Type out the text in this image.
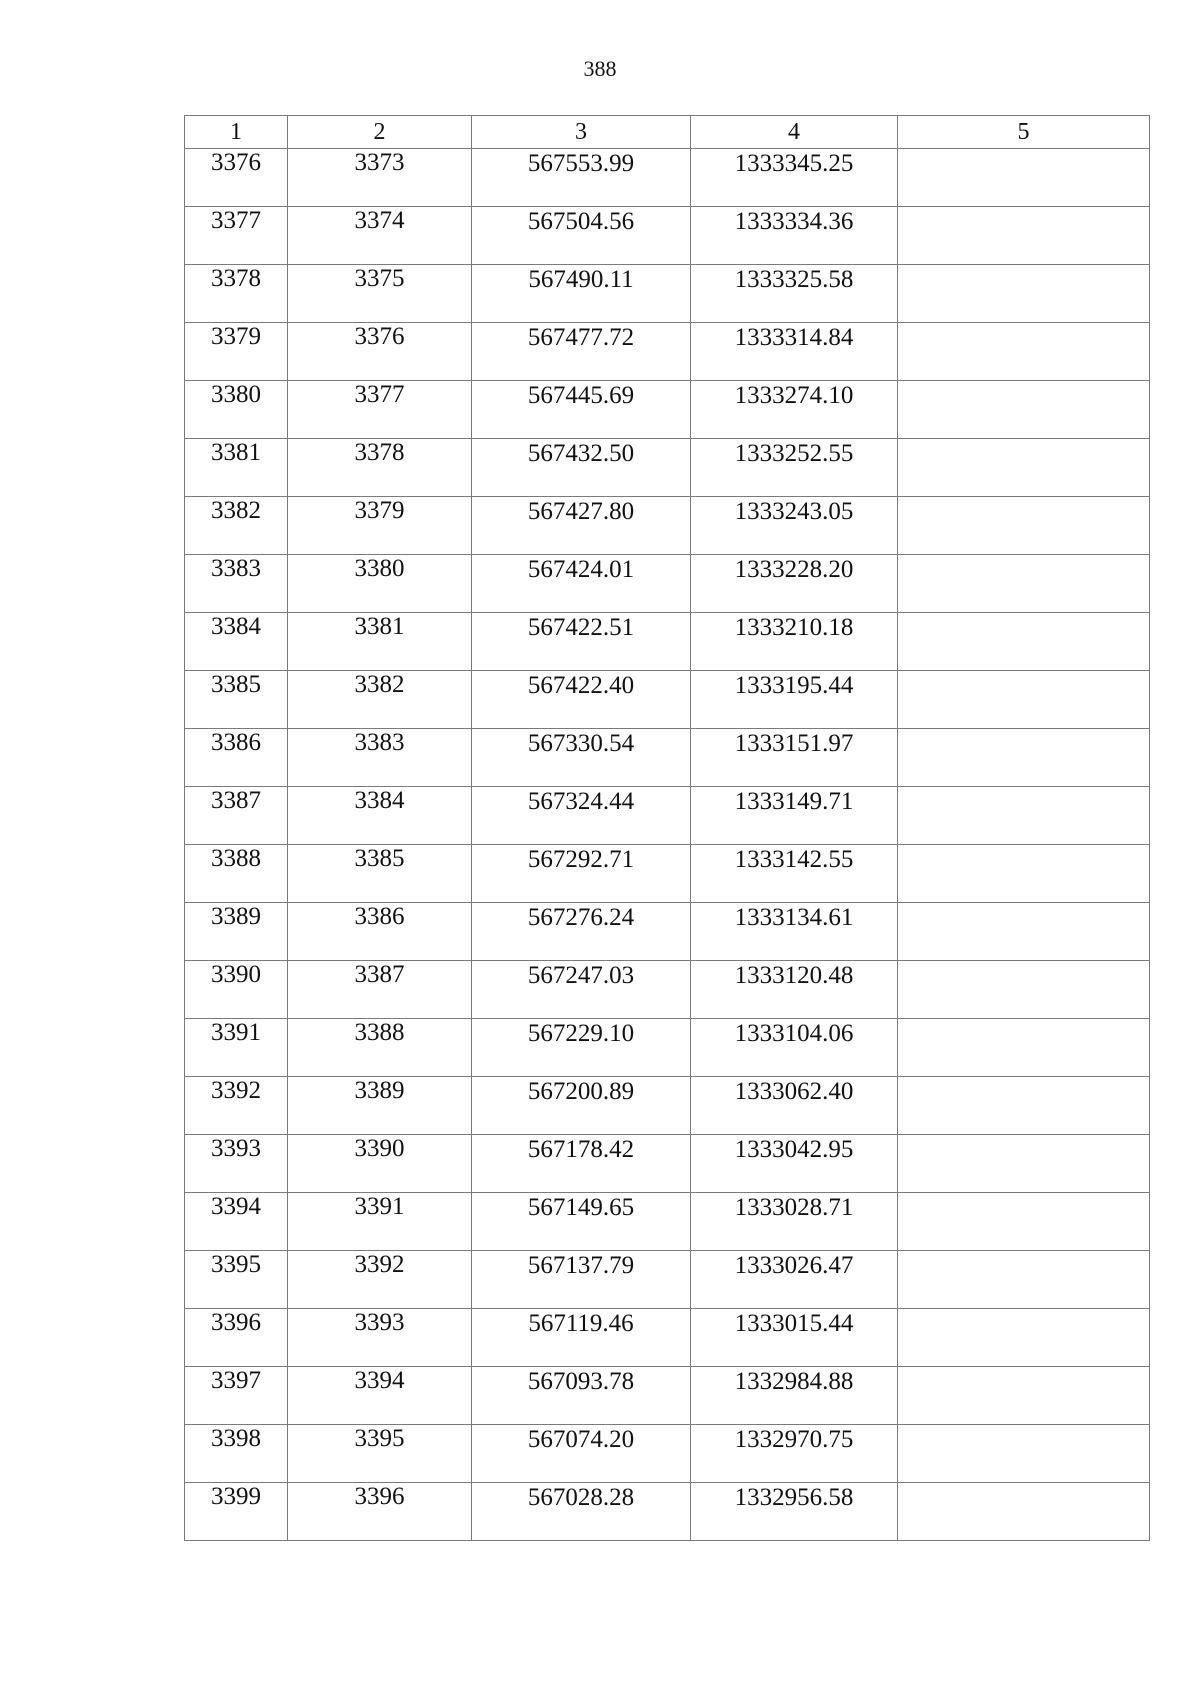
388
1	2	3	4	5
3376	3373	567553.99	1333345.25	
3377	3374	567504.56	1333334.36	
3378	3375	567490.11	1333325.58	
3379	3376	567477.72	1333314.84	
3380	3377	567445.69	1333274.10	
3381	3378	567432.50	1333252.55	
3382	3379	567427.80	1333243.05	
3383	3380	567424.01	1333228.20	
3384	3381	567422.51	1333210.18	
3385	3382	567422.40	1333195.44	
3386	3383	567330.54	1333151.97	
3387	3384	567324.44	1333149.71	
3388	3385	567292.71	1333142.55	
3389	3386	567276.24	1333134.61	
3390	3387	567247.03	1333120.48	
3391	3388	567229.10	1333104.06	
3392	3389	567200.89	1333062.40	
3393	3390	567178.42	1333042.95	
3394	3391	567149.65	1333028.71	
3395	3392	567137.79	1333026.47	
3396	3393	567119.46	1333015.44	
3397	3394	567093.78	1332984.88	
3398	3395	567074.20	1332970.75	
3399	3396	567028.28	1332956.58	
